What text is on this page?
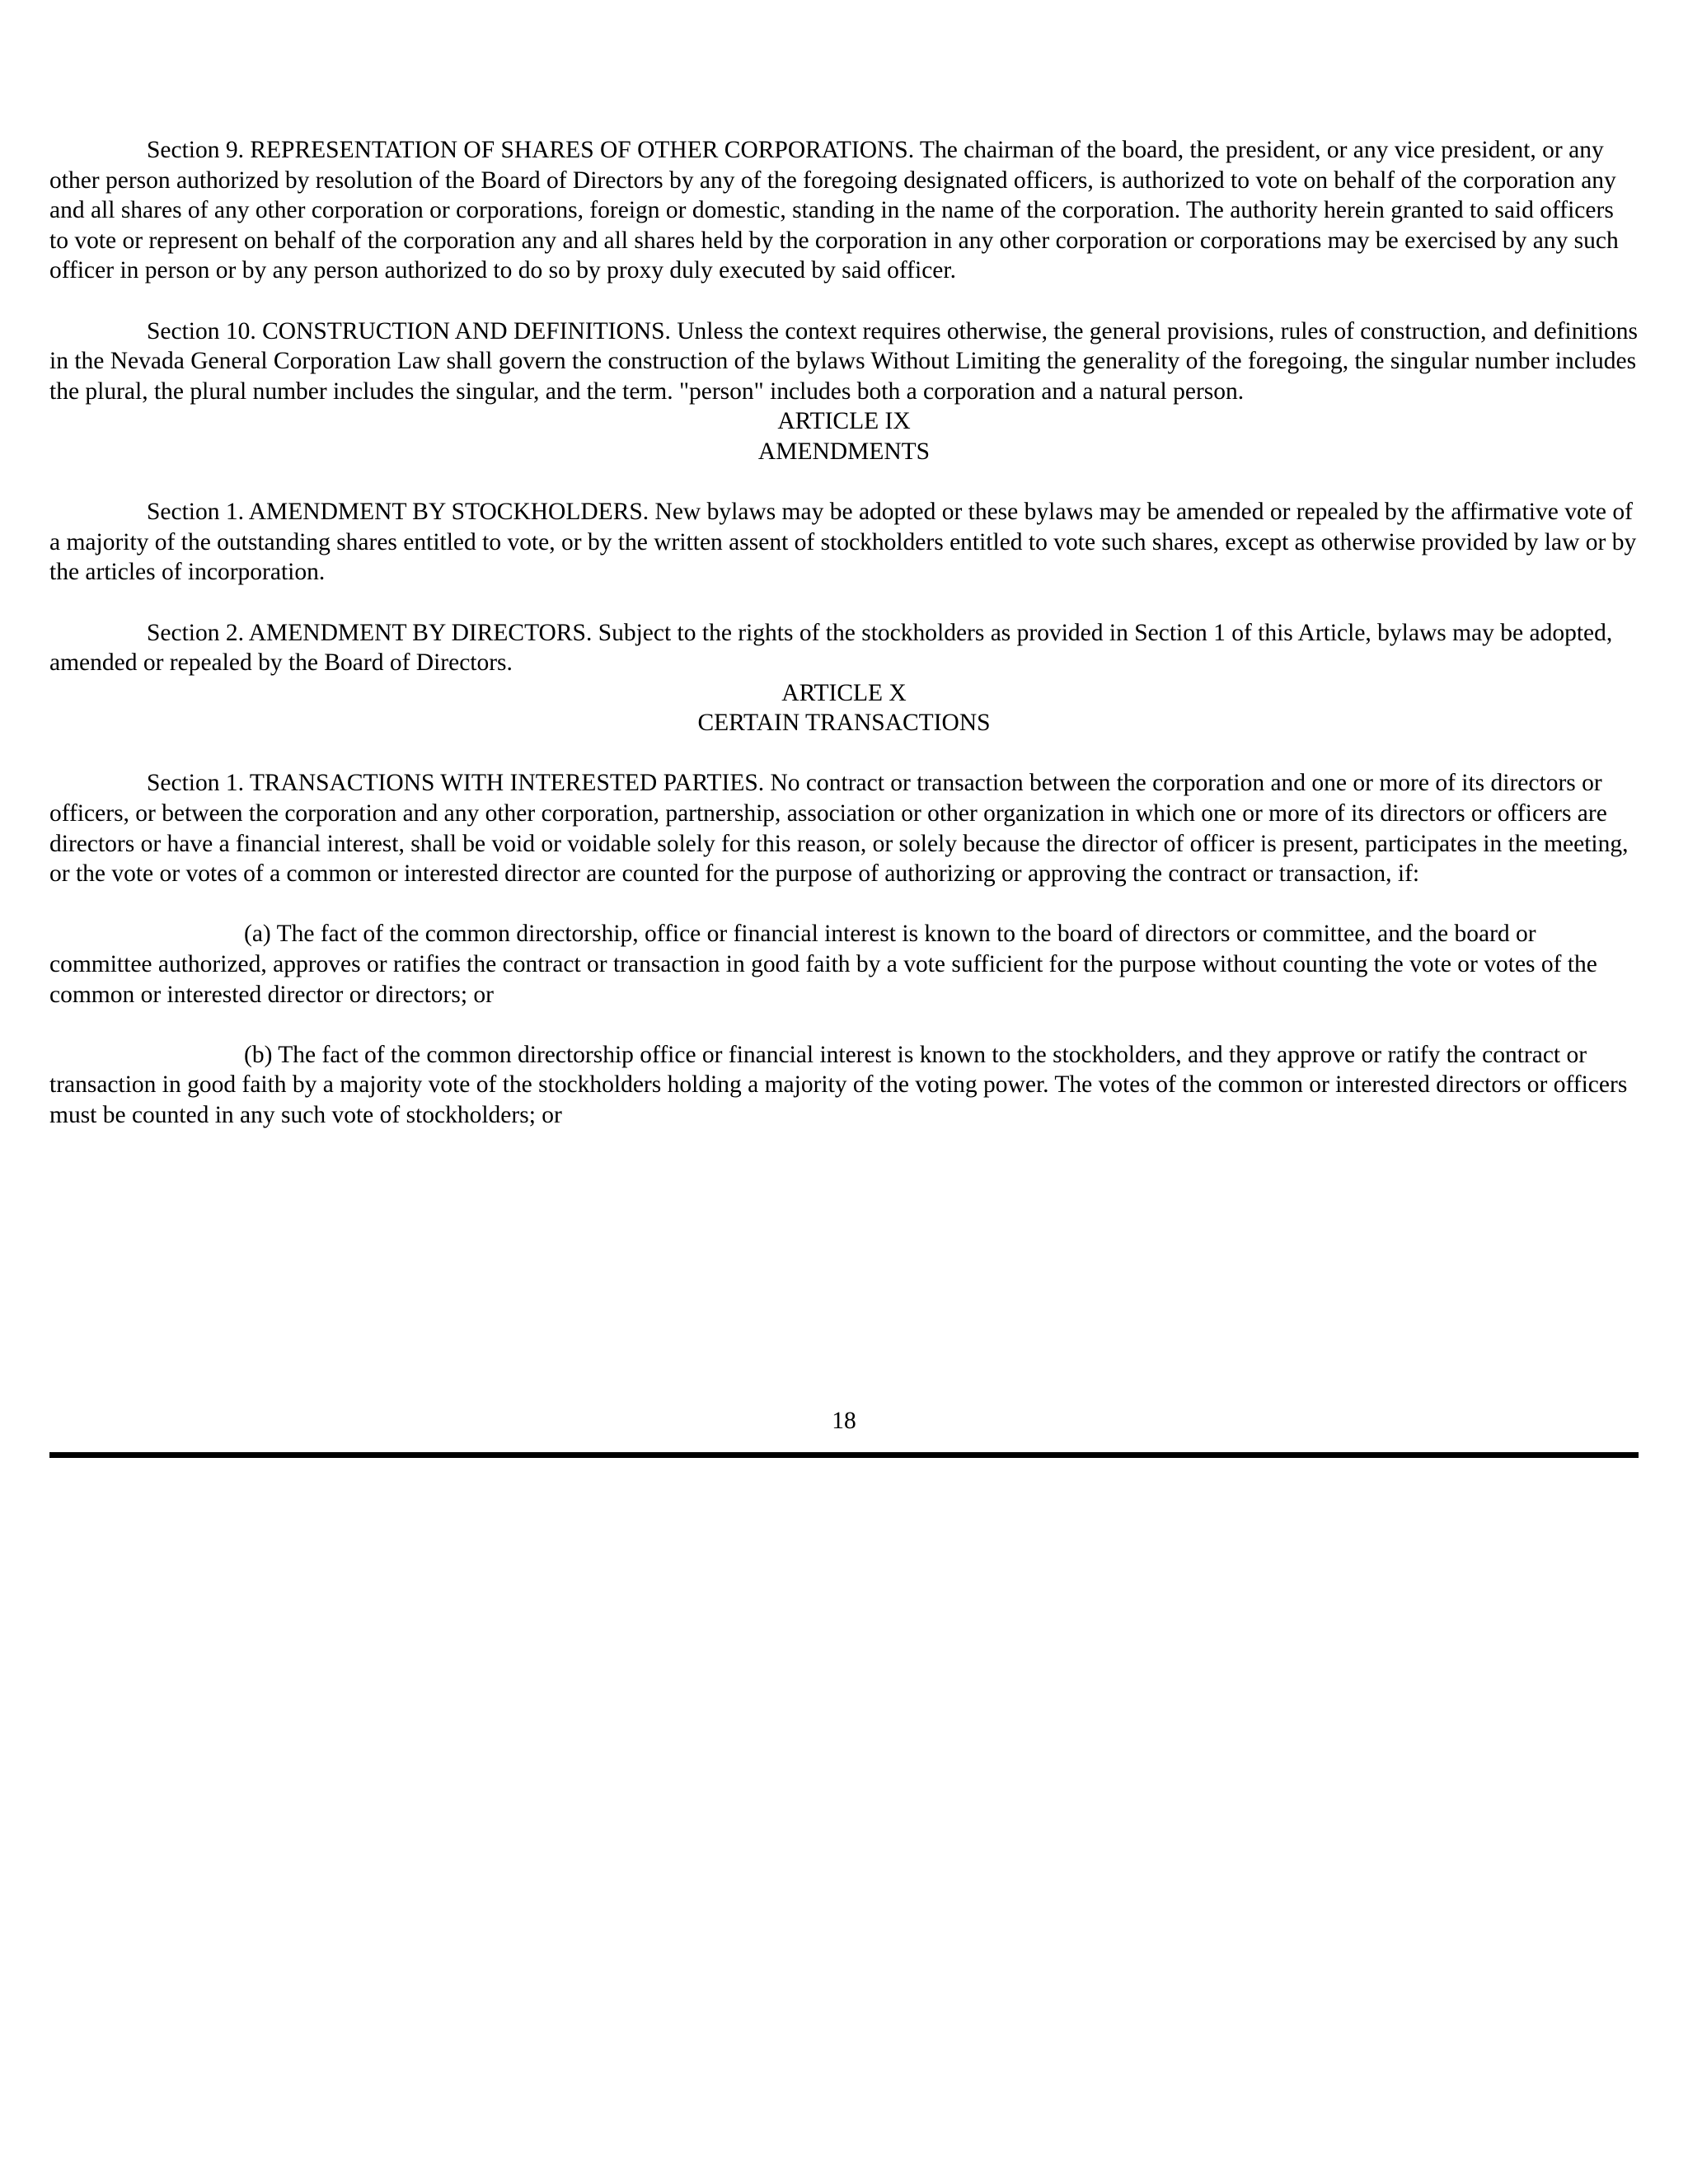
Section 9. REPRESENTATION OF SHARES OF OTHER CORPORATIONS. The chairman of the board, the president, or any vice president, or any other person authorized by resolution of the Board of Directors by any of the foregoing designated officers, is authorized to vote on behalf of the corporation any and all shares of any other corporation or corporations, foreign or domestic, standing in the name of the corporation. The authority herein granted to said officers to vote or represent on behalf of the corporation any and all shares held by the corporation in any other corporation or corporations may be exercised by any such officer in person or by any person authorized to do so by proxy duly executed by said officer.

Section 10. CONSTRUCTION AND DEFINITIONS. Unless the context requires otherwise, the general provisions, rules of construction, and definitions in the Nevada General Corporation Law shall govern the construction of the bylaws Without Limiting the generality of the foregoing, the singular number includes the plural, the plural number includes the singular, and the term. "person" includes both a corporation and a natural person.

ARTICLE IX

AMENDMENTS

Section 1. AMENDMENT BY STOCKHOLDERS. New bylaws may be adopted or these bylaws may be amended or repealed by the affirmative vote of a majority of the outstanding shares entitled to vote, or by the written assent of stockholders entitled to vote such shares, except as otherwise provided by law or by the articles of incorporation.

Section 2. AMENDMENT BY DIRECTORS. Subject to the rights of the stockholders as provided in Section 1 of this Article, bylaws may be adopted, amended or repealed by the Board of Directors.

ARTICLE X

CERTAIN TRANSACTIONS

Section 1. TRANSACTIONS WITH INTERESTED PARTIES. No contract or transaction between the corporation and one or more of its directors or officers, or between the corporation and any other corporation, partnership, association or other organization in which one or more of its directors or officers are directors or have a financial interest, shall be void or voidable solely for this reason, or solely because the director of officer is present, participates in the meeting, or the vote or votes of a common or interested director are counted for the purpose of authorizing or approving the contract or transaction, if:

(a) The fact of the common directorship, office or financial interest is known to the board of directors or committee, and the board or committee authorized, approves or ratifies the contract or transaction in good faith by a vote sufficient for the purpose without counting the vote or votes of the common or interested director or directors; or

(b) The fact of the common directorship office or financial interest is known to the stockholders, and they approve or ratify the contract or transaction in good faith by a majority vote of the stockholders holding a majority of the voting power. The votes of the common or interested directors or officers must be counted in any such vote of stockholders; or

18
